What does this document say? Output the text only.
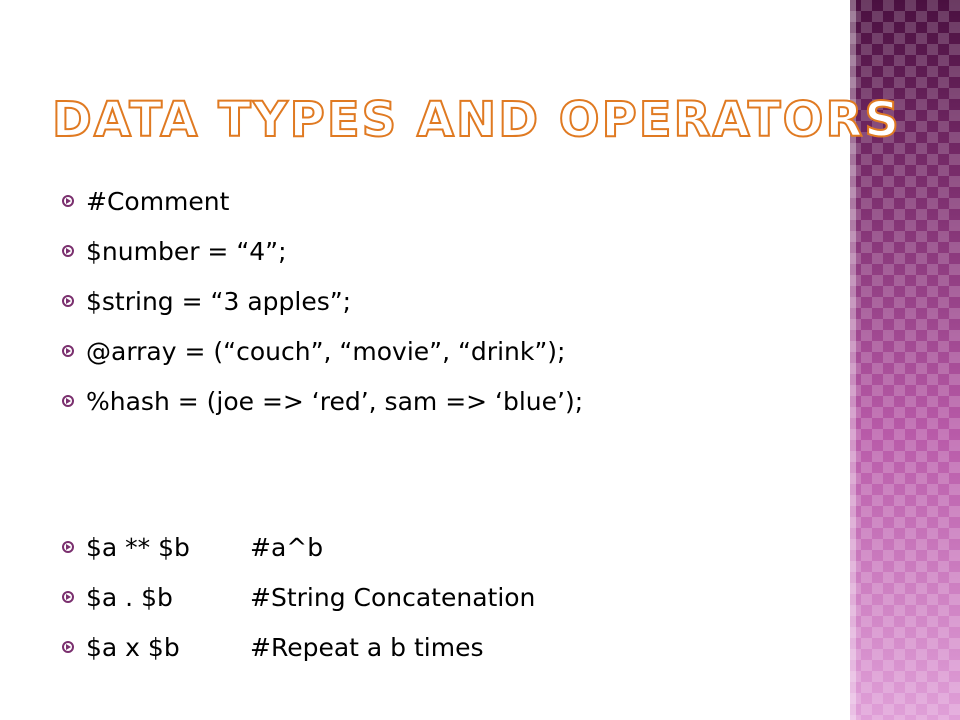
DATA TYPES AND OPERATORS
#Comment
$number = “4”;
$string = “3 apples”;
@array = (“couch”, “movie”, “drink”);
%hash = (joe => ‘red’, sam => ‘blue’);
$a ** $b	#a^b
$a . $b	#String Concatenation
$a x $b	#Repeat a b times
